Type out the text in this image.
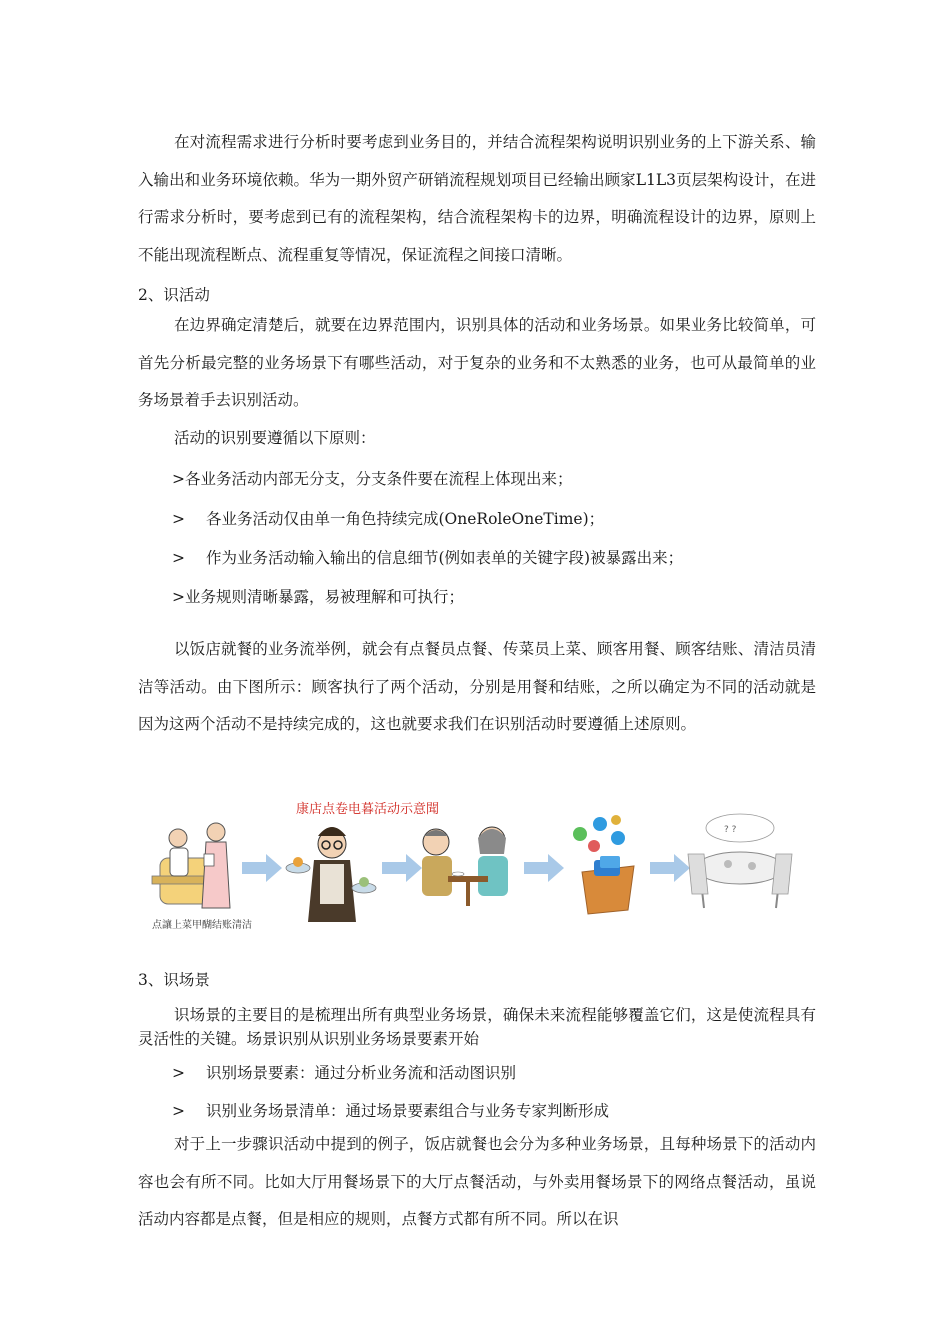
在对流程需求进行分析时要考虑到业务目的，并结合流程架构说明识别业务的上下游关系、输入输出和业务环境依赖。华为一期外贸产研销流程规划项目已经输出顾家L1L3页层架构设计，在进行需求分析时，要考虑到已有的流程架构，结合流程架构卡的边界，明确流程设计的边界，原则上不能出现流程断点、流程重复等情况，保证流程之间接口清晰。

2、识活动

在边界确定清楚后，就要在边界范围内，识别具体的活动和业务场景。如果业务比较简单，可首先分析最完整的业务场景下有哪些活动，对于复杂的业务和不太熟悉的业务，也可从最简单的业务场景着手去识别活动。

活动的识别要遵循以下原则：

>各业务活动内部无分支，分支条件要在流程上体现出来；

> 各业务活动仅由单一角色持续完成(OneRoleOneTime)；

> 作为业务活动输入输出的信息细节(例如表单的关键字段)被暴露出来；

>业务规则清晰暴露，易被理解和可执行；

以饭店就餐的业务流举例，就会有点餐员点餐、传菜员上菜、顾客用餐、顾客结账、清洁员清洁等活动。由下图所示：顾客执行了两个活动，分别是用餐和结账，之所以确定为不同的活动就是因为这两个活动不是持续完成的，这也就要求我们在识别活动时要遵循上述原则。

康店点卷电暮活动示意聞
? ?
点讓上菜甲醐结账清洁

3、识场景

识场景的主要目的是梳理出所有典型业务场景，确保未来流程能够覆盖它们，这是使流程具有灵活性的关键。场景识别从识别业务场景要素开始

> 识别场景要素：通过分析业务流和活动图识别

> 识别业务场景清单：通过场景要素组合与业务专家判断形成

对于上一步骤识活动中提到的例子，饭店就餐也会分为多种业务场景，且每种场景下的活动内容也会有所不同。比如大厅用餐场景下的大厅点餐活动，与外卖用餐场景下的网络点餐活动，虽说活动内容都是点餐，但是相应的规则，点餐方式都有所不同。所以在识
